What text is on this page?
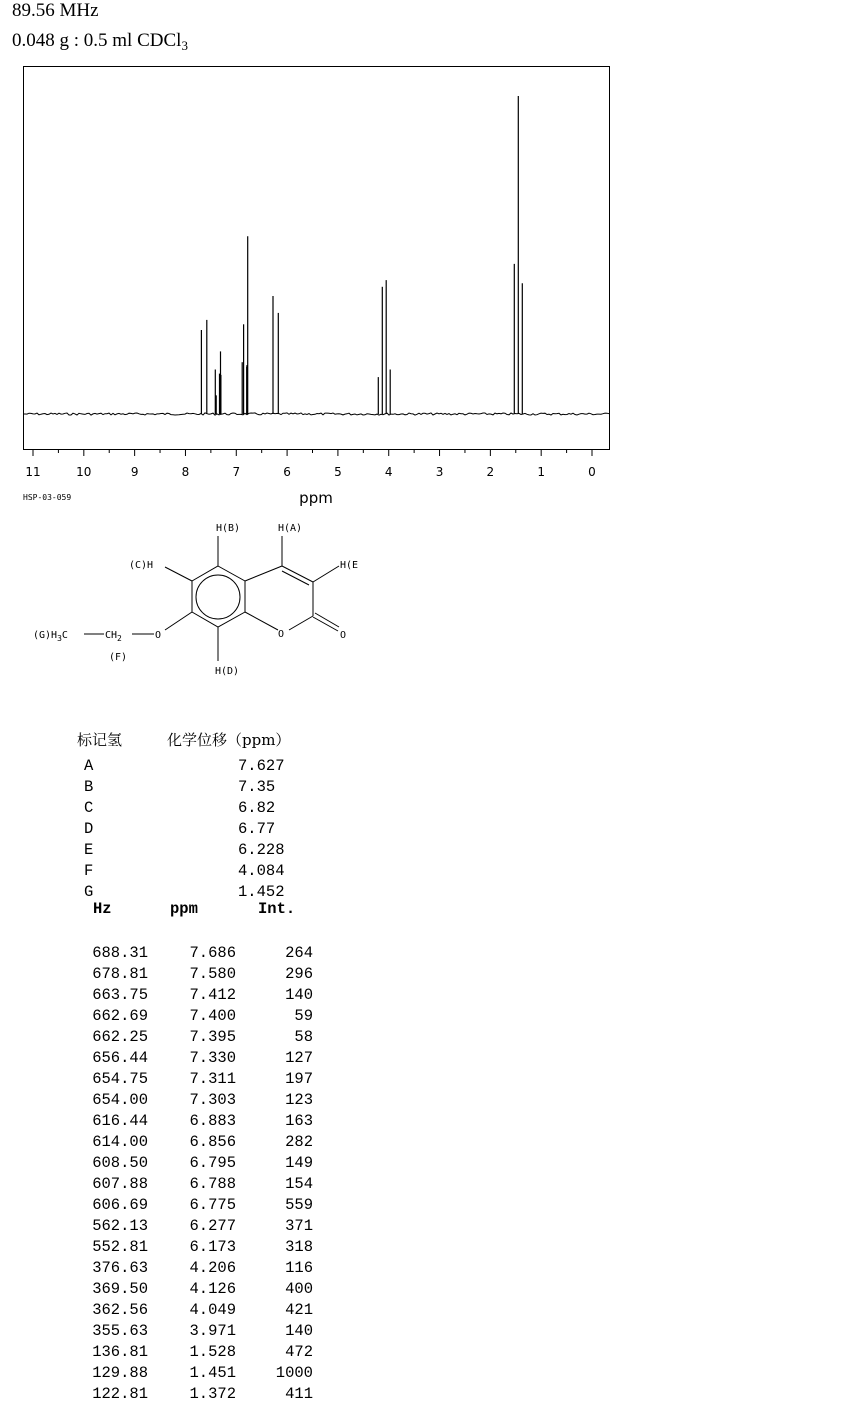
89.56 MHz
0.048 g : 0.5 ml CDCl$_3$
11	10	9	8	7	6	5	4	3	2	1	0
ppm
HSP-03-059
H(B)	H(A)
H(E
(C)H
H(D)
O	O
O
$(G)H_3C$	$CH_2$
(F)
标记氢	化学位移（ppm）
A	7.627
B	7.35
C	6.82
D	6.77
E	6.228
F	4.084
G	1.452
Hz	ppm	Int.
688.31	7.686	264
678.81	7.580	296
663.75	7.412	140
662.69	7.400	59
662.25	7.395	58
656.44	7.330	127
654.75	7.311	197
654.00	7.303	123
616.44	6.883	163
614.00	6.856	282
608.50	6.795	149
607.88	6.788	154
606.69	6.775	559
562.13	6.277	371
552.81	6.173	318
376.63	4.206	116
369.50	4.126	400
362.56	4.049	421
355.63	3.971	140
136.81	1.528	472
129.88	1.451	1000
122.81	1.372	411
